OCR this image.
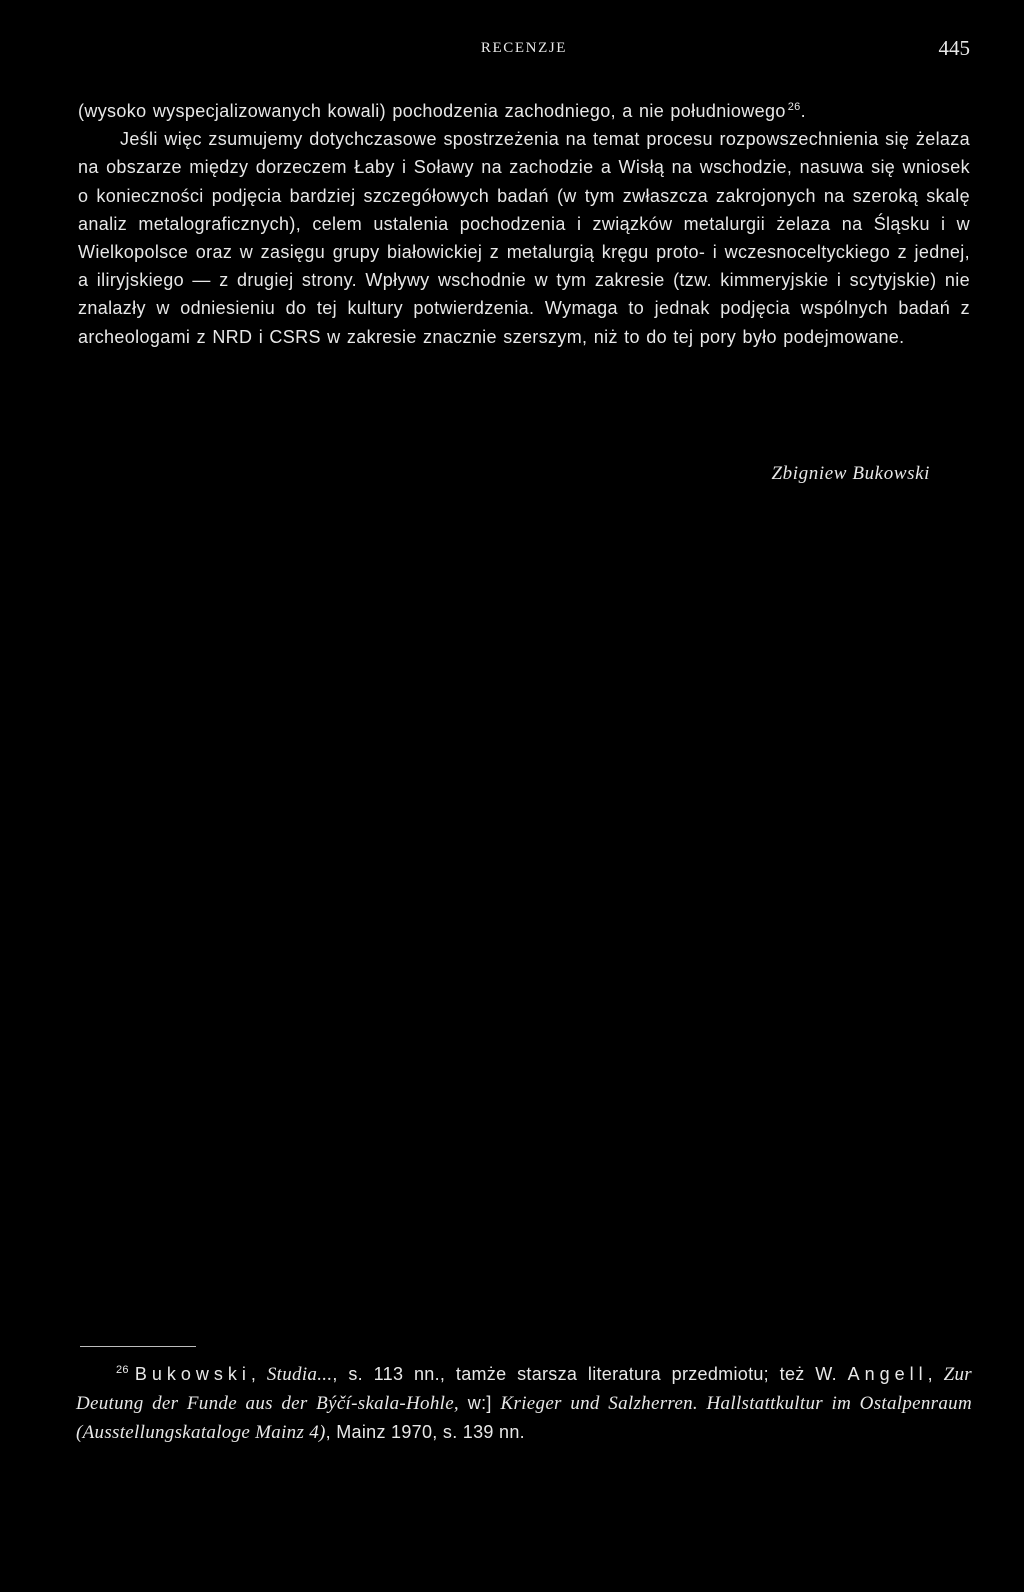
RECENZJE	445

(wysoko wyspecjalizowanych kowali) pochodzenia zachodniego, a nie południowego $^{26}$.

Jeśli więc zsumujemy dotychczasowe spostrzeżenia na temat procesu rozpowszechnienia się żelaza na obszarze między dorzeczem Łaby i Soławy na zachodzie a Wisłą na wschodzie, nasuwa się wniosek o konieczności podjęcia bardziej szczegółowych badań (w tym zwłaszcza zakrojonych na szeroką skalę analiz metalograficznych), celem ustalenia pochodzenia i związków metalurgii żelaza na Śląsku i w Wielkopolsce oraz w zasięgu grupy białowickiej z metalurgią kręgu proto- i wczesnoceltyckiego z jednej, a iliryjskiego — z drugiej strony. Wpływy wschodnie w tym zakresie (tzw. kimmeryjskie i scytyjskie) nie znalazły w odniesieniu do tej kultury potwierdzenia. Wymaga to jednak podjęcia wspólnych badań z archeologami z NRD i CSRS w zakresie znacznie szerszym, niż to do tej pory było podejmowane.

Zbigniew Bukowski

$^{26}$ Bukowski, Studia..., s. 113 nn., tamże starsza literatura przedmiotu; też W. Angell, Zur Deutung der Funde aus der Býčí-skala-Hohle, w:] Krieger und Salzherren. Hallstattkultur im Ostalpenraum (Ausstellungskataloge Mainz 4), Mainz 1970, s. 139 nn.
